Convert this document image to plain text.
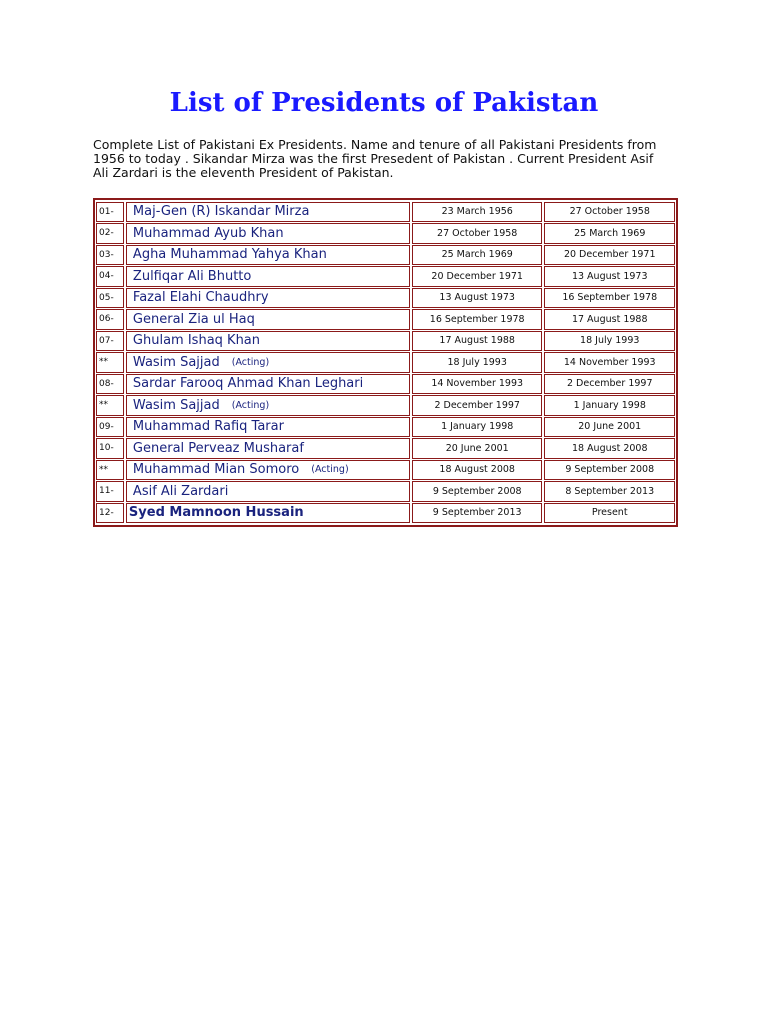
List of Presidents of Pakistan
Complete List of Pakistani Ex Presidents. Name and tenure of all Pakistani Presidents from 1956 to today . Sikandar Mirza was the first Presedent of Pakistan . Current President Asif Ali Zardari is the eleventh President of Pakistan.
01-	Maj-Gen (R) Iskandar Mirza	23 March 1956	27 October 1958
02-	Muhammad Ayub Khan	27 October 1958	25 March 1969
03-	Agha Muhammad Yahya Khan	25 March 1969	20 December 1971
04-	Zulfiqar Ali Bhutto	20 December 1971	13 August 1973
05-	Fazal Elahi Chaudhry	13 August 1973	16 September 1978
06-	General Zia ul Haq	16 September 1978	17 August 1988
07-	Ghulam Ishaq Khan	17 August 1988	18 July 1993
**	Wasim Sajjad (Acting)	18 July 1993	14 November 1993
08-	Sardar Farooq Ahmad Khan Leghari	14 November 1993	2 December 1997
**	Wasim Sajjad (Acting)	2 December 1997	1 January 1998
09-	Muhammad Rafiq Tarar	1 January 1998	20 June 2001
10-	General Perveaz Musharaf	20 June 2001	18 August 2008
**	Muhammad Mian Somoro (Acting)	18 August 2008	9 September 2008
11-	Asif Ali Zardari	9 September 2008	8 September 2013
12-	Syed Mamnoon Hussain	9 September 2013	Present
